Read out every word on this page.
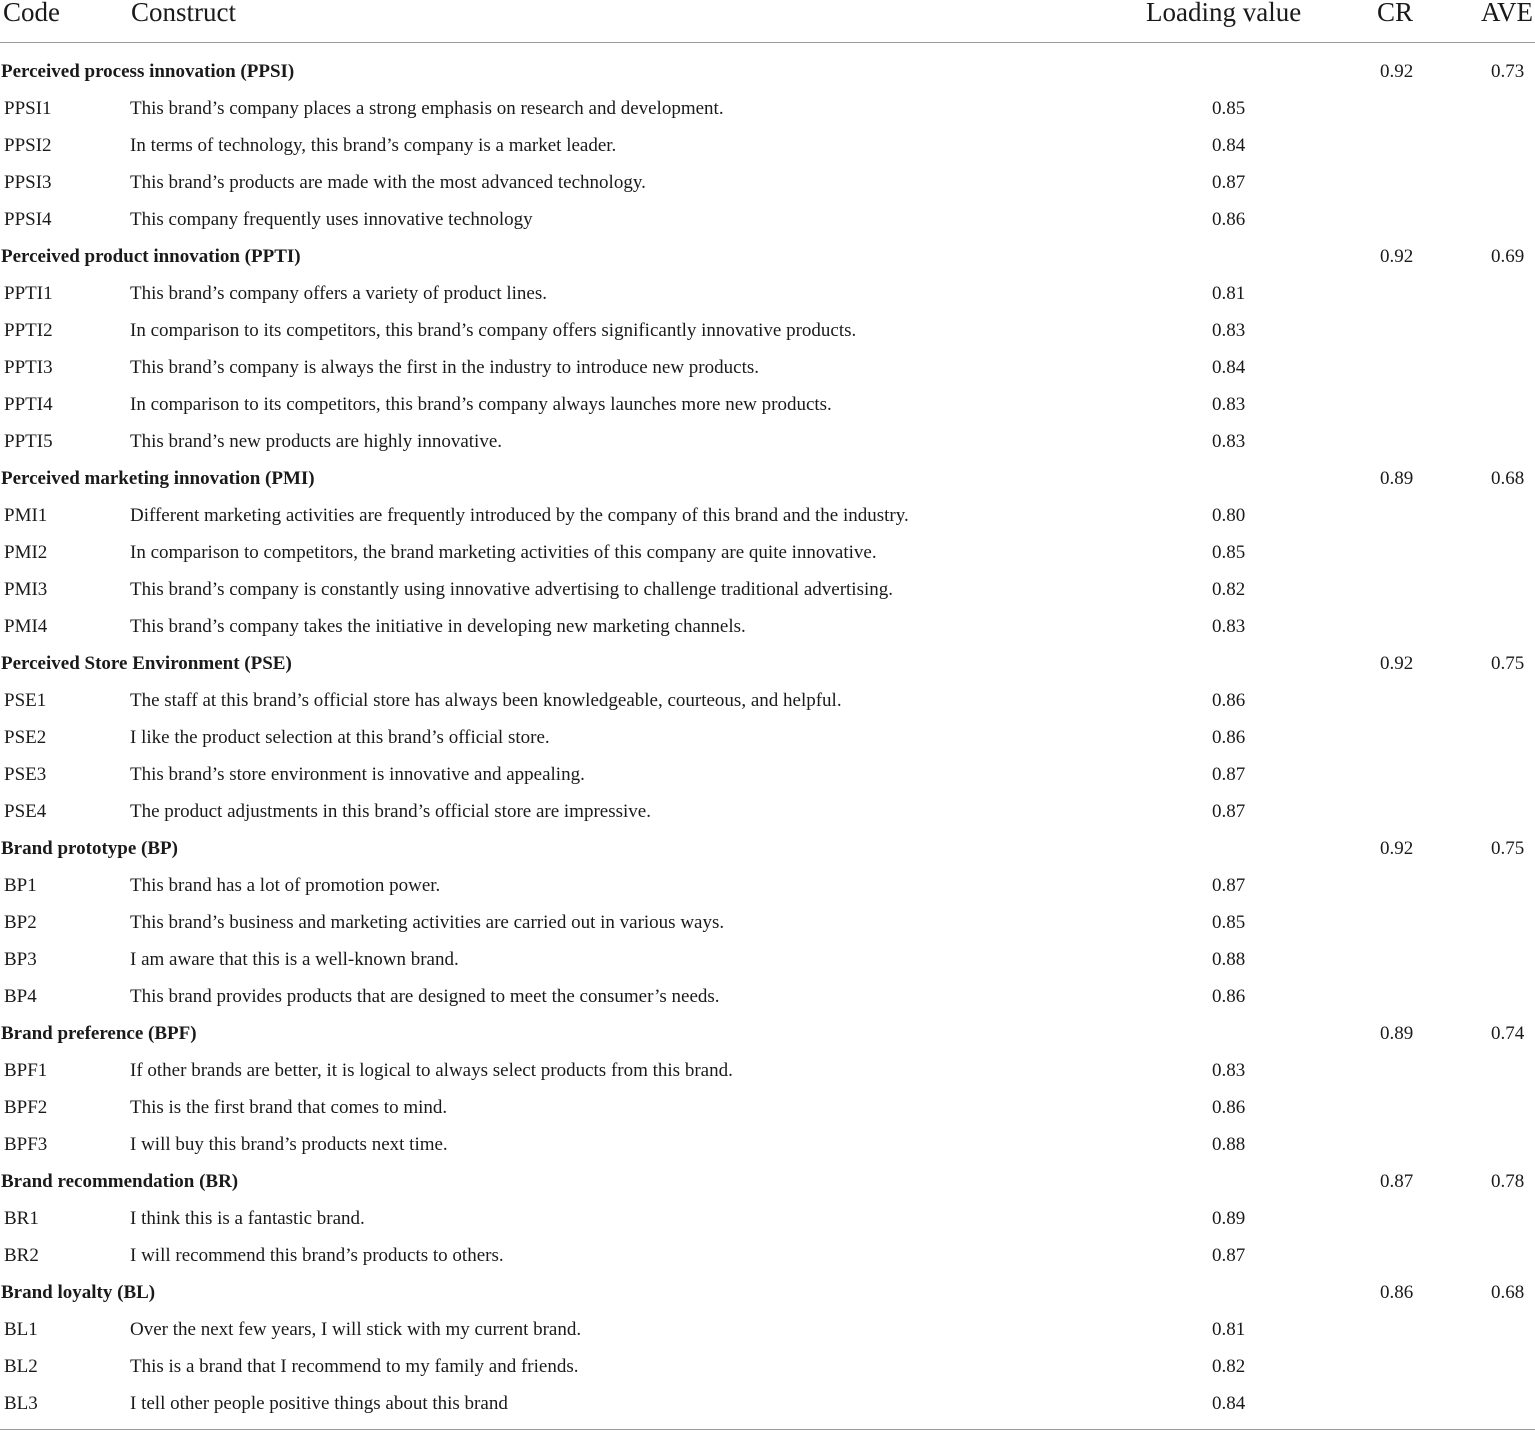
Code	Construct	Loading value	CR	AVE
Perceived process innovation (PPSI)	0.92	0.73
PPSI1	This brand’s company places a strong emphasis on research and development.	0.85
PPSI2	In terms of technology, this brand’s company is a market leader.	0.84
PPSI3	This brand’s products are made with the most advanced technology.	0.87
PPSI4	This company frequently uses innovative technology	0.86
Perceived product innovation (PPTI)	0.92	0.69
PPTI1	This brand’s company offers a variety of product lines.	0.81
PPTI2	In comparison to its competitors, this brand’s company offers significantly innovative products.	0.83
PPTI3	This brand’s company is always the first in the industry to introduce new products.	0.84
PPTI4	In comparison to its competitors, this brand’s company always launches more new products.	0.83
PPTI5	This brand’s new products are highly innovative.	0.83
Perceived marketing innovation (PMI)	0.89	0.68
PMI1	Different marketing activities are frequently introduced by the company of this brand and the industry.	0.80
PMI2	In comparison to competitors, the brand marketing activities of this company are quite innovative.	0.85
PMI3	This brand’s company is constantly using innovative advertising to challenge traditional advertising.	0.82
PMI4	This brand’s company takes the initiative in developing new marketing channels.	0.83
Perceived Store Environment (PSE)	0.92	0.75
PSE1	The staff at this brand’s official store has always been knowledgeable, courteous, and helpful.	0.86
PSE2	I like the product selection at this brand’s official store.	0.86
PSE3	This brand’s store environment is innovative and appealing.	0.87
PSE4	The product adjustments in this brand’s official store are impressive.	0.87
Brand prototype (BP)	0.92	0.75
BP1	This brand has a lot of promotion power.	0.87
BP2	This brand’s business and marketing activities are carried out in various ways.	0.85
BP3	I am aware that this is a well-known brand.	0.88
BP4	This brand provides products that are designed to meet the consumer’s needs.	0.86
Brand preference (BPF)	0.89	0.74
BPF1	If other brands are better, it is logical to always select products from this brand.	0.83
BPF2	This is the first brand that comes to mind.	0.86
BPF3	I will buy this brand’s products next time.	0.88
Brand recommendation (BR)	0.87	0.78
BR1	I think this is a fantastic brand.	0.89
BR2	I will recommend this brand’s products to others.	0.87
Brand loyalty (BL)	0.86	0.68
BL1	Over the next few years, I will stick with my current brand.	0.81
BL2	This is a brand that I recommend to my family and friends.	0.82
BL3	I tell other people positive things about this brand	0.84
